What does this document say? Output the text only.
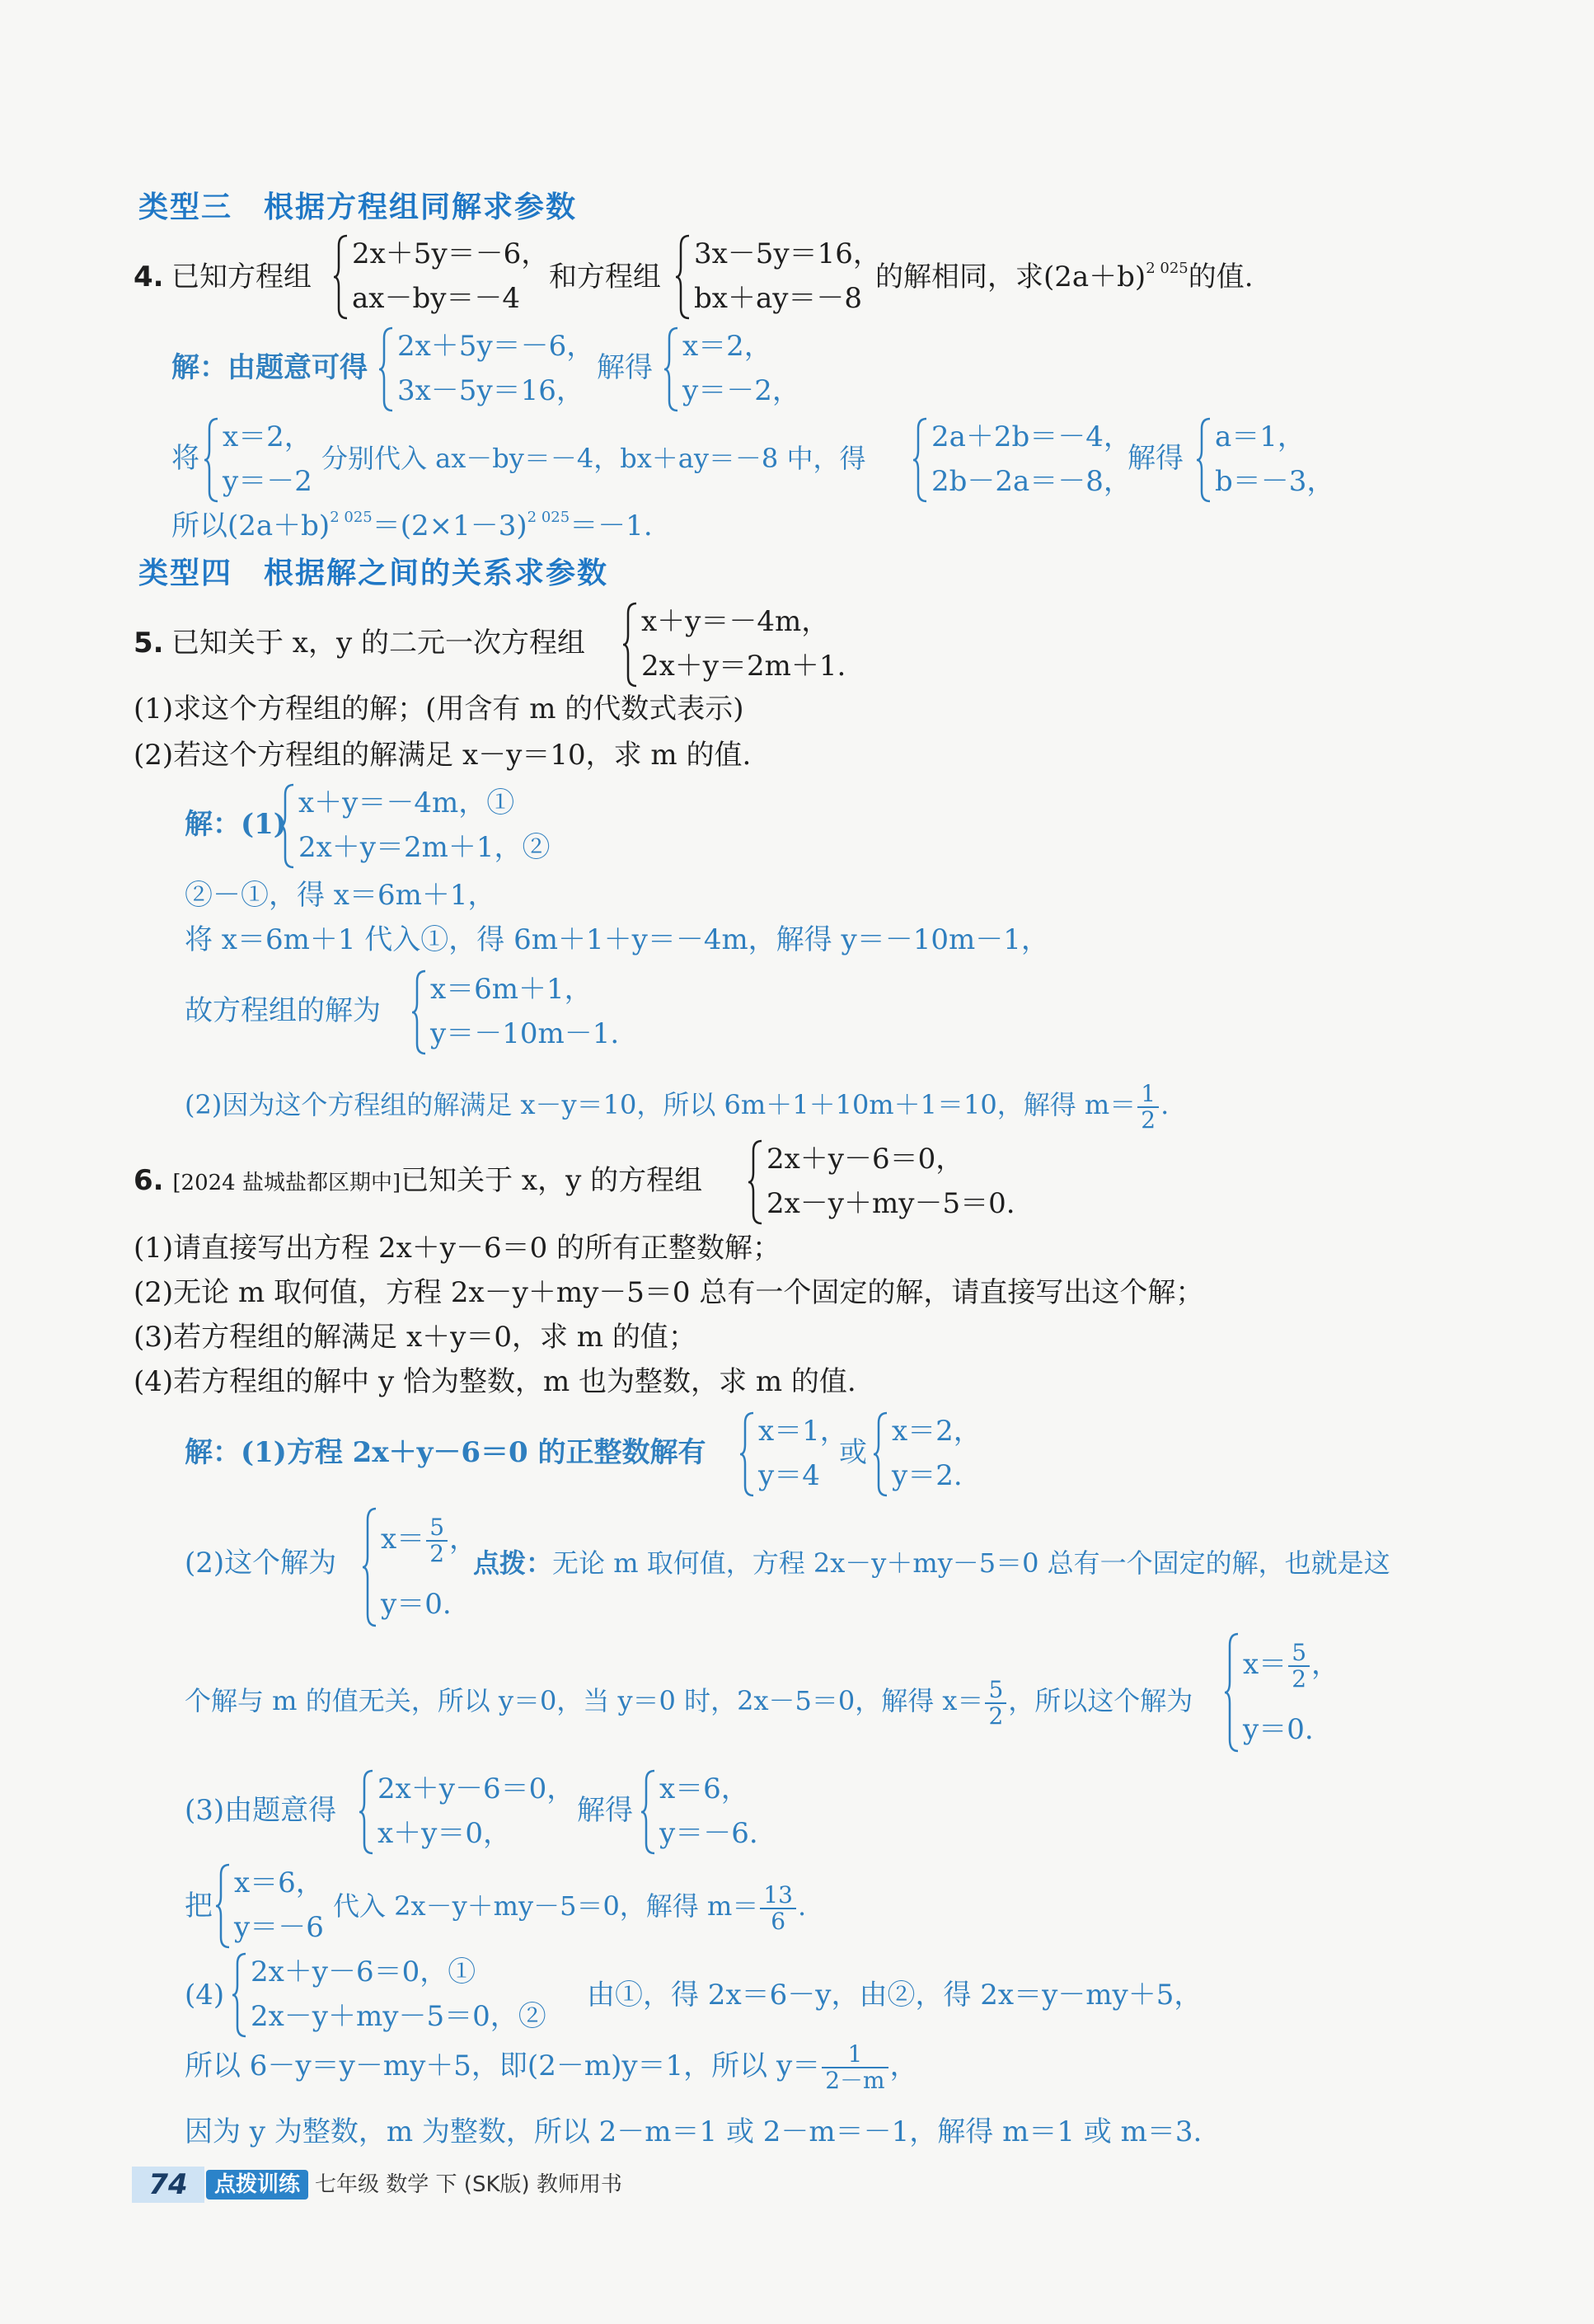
类型三　根据方程组同解求参数
4. 已知方程组
2x＋5y＝－6，
ax－by＝－4
和方程组
3x－5y＝16，
bx＋ay＝－8
的解相同，求$(2a+b)^{2 025}$的值.
解：由题意可得
2x＋5y＝－6，
3x－5y＝16，
解得
x＝2，
y＝－2，
将
x＝2，
y＝－2
分别代入 ax－by＝－4，bx＋ay＝－8 中，得
2a＋2b＝－4，
2b－2a＝－8，
解得
a＝1，
b＝－3，
所以$(2a+b)^{2 025}=(2\times 1-3)^{2 025}=-1$.
类型四　根据解之间的关系求参数
5. 已知关于 x，y 的二元一次方程组
x＋y＝－4m，
2x＋y＝2m＋1.
(1)求这个方程组的解；(用含有 m 的代数式表示)
(2)若这个方程组的解满足 x－y＝10，求 m 的值.
解：(1)
x＋y＝－4m，①
2x＋y＝2m＋1，②
②－①，得 x＝6m＋1，
将 x＝6m＋1 代入①，得 6m＋1＋y＝－4m，解得 y＝－10m－1，
故方程组的解为
x＝6m＋1，
y＝－10m－1.
(2)因为这个方程组的解满足 x－y＝10，所以 6m＋1＋10m＋1＝10，解得 $m= \frac{1}{2}$ .
6. [2024 盐城盐都区期中]已知关于 x，y 的方程组
2x＋y－6＝0，
2x－y＋my－5＝0.
(1)请直接写出方程 2x＋y－6＝0 的所有正整数解；
(2)无论 m 取何值，方程 2x－y＋my－5＝0 总有一个固定的解，请直接写出这个解；
(3)若方程组的解满足 x＋y＝0，求 m 的值；
(4)若方程组的解中 y 恰为整数，m 也为整数，求 m 的值.
解：(1)方程 2x＋y－6＝0 的正整数解有
x＝1，
y＝4
或
x＝2，
y＝2.
(2)这个解为
$x= \frac{5}{2}$ ，
y＝0.
点拨：无论 m 取何值，方程 2x－y＋my－5＝0 总有一个固定的解，也就是这
个解与 m 的值无关，所以 y＝0，当 y＝0 时，2x－5＝0，解得 $x= \frac{5}{2}$ ，所以这个解为
$x= \frac{5}{2}$ ，
y＝0.
(3)由题意得
2x＋y－6＝0，
x＋y＝0，
解得
x＝6，
y＝－6.
把
x＝6，
y＝－6
代入 2x－y＋my－5＝0，解得 $m= \frac{13}{6}$ .
(4)
2x＋y－6＝0，①
2x－y＋my－5＝0，②
由①，得 2x＝6－y，由②，得 2x＝y－my＋5，
所以 6－y＝y－my＋5，即(2－m)y＝1，所以 $y= \frac{1}{2-m}$ ，
因为 y 为整数，m 为整数，所以 2－m＝1 或 2－m＝－1，解得 m＝1 或 m＝3.
74	点拨训练 七年级 数学 下 (SK版) 教师用书
